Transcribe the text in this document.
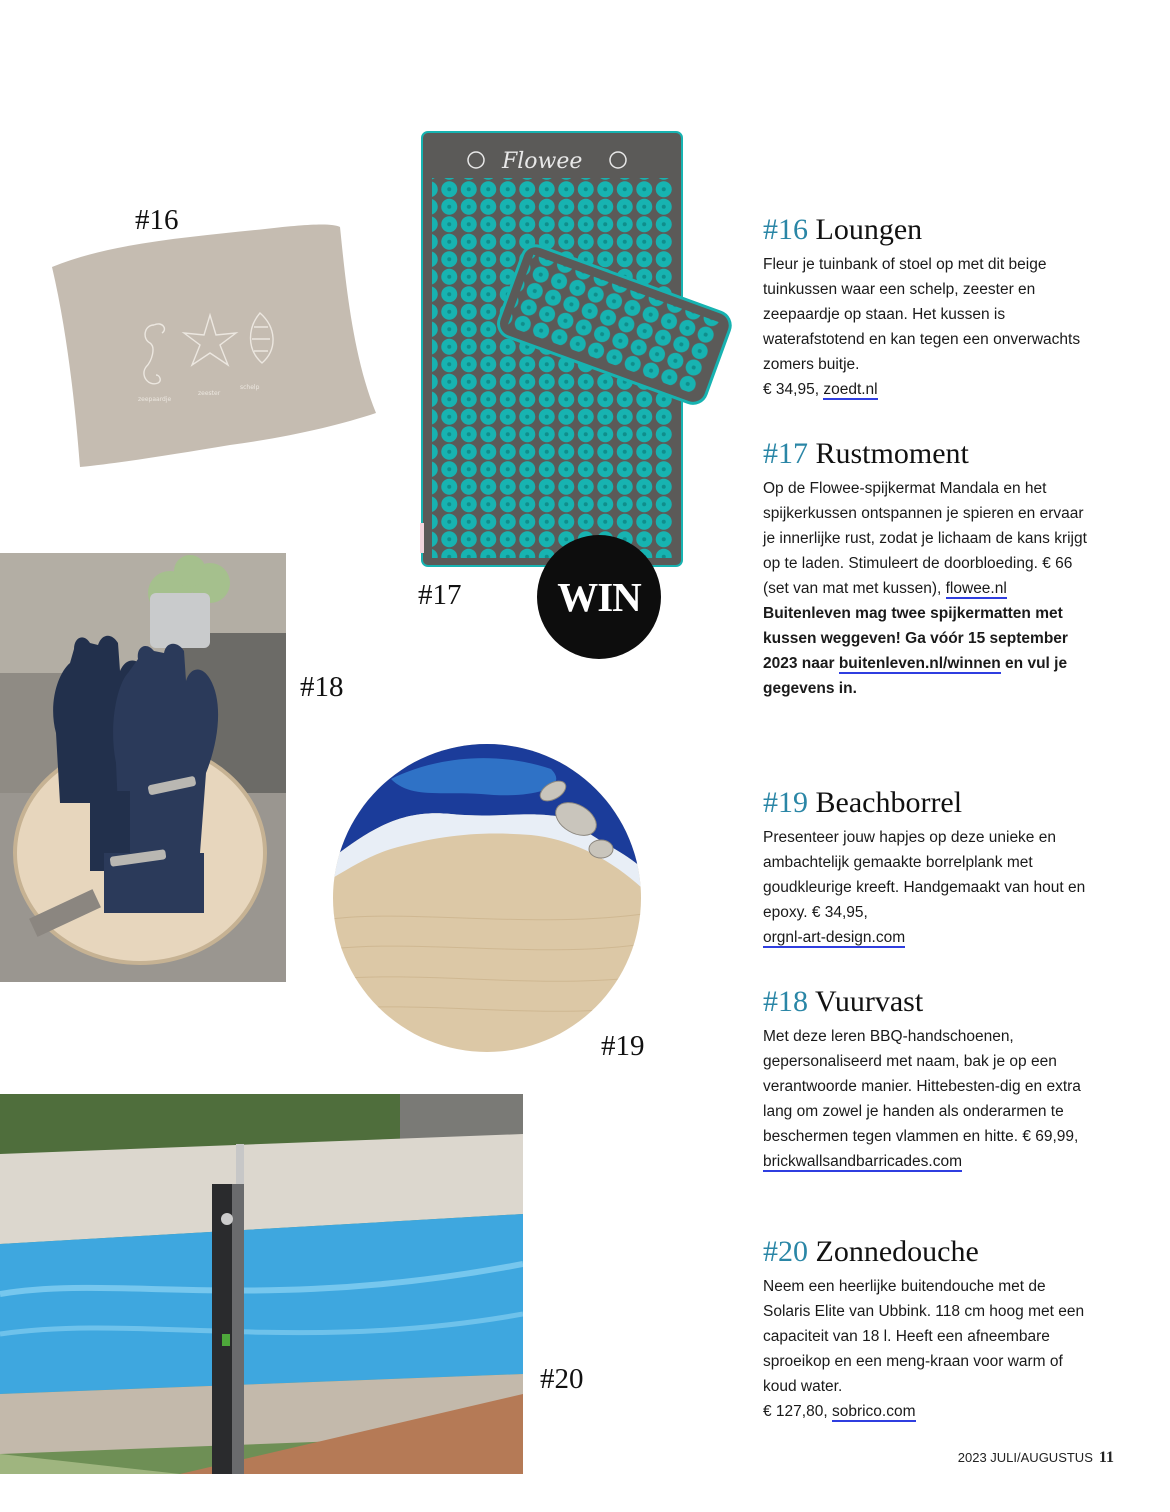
#16
zeepaardje
zeester
schelp
Flowee
#17	WIN
#18
#19
#20
#16 Loungen

Fleur je tuinbank of stoel op met dit beige tuinkussen waar een schelp, zeester en zeepaardje op staan. Het kussen is waterafstotend en kan tegen een onverwachts zomers buitje.
€ 34,95, zoedt.nl

#17 Rustmoment

Op de Flowee-spijkermat Mandala en het spijkerkussen ontspannen je spieren en ervaar je innerlijke rust, zodat je lichaam de kans krijgt op te laden. Stimuleert de doorbloeding. € 66 (set van mat met kussen), flowee.nl
Buitenleven mag twee spijkermatten met kussen weggeven! Ga vóór 15 september 2023 naar buitenleven.nl/winnen en vul je gegevens in.

#19 Beachborrel

Presenteer jouw hapjes op deze unieke en ambachtelijk gemaakte borrelplank met goudkleurige kreeft. Handgemaakt van hout en epoxy. € 34,95,
orgnl-art-design.com

#18 Vuurvast

Met deze leren BBQ-handschoenen, gepersonaliseerd met naam, bak je op een verantwoorde manier. Hittebesten-dig en extra lang om zowel je handen als onderarmen te beschermen tegen vlammen en hitte. € 69,99,
brickwallsandbarricades.com

#20 Zonnedouche

Neem een heerlijke buitendouche met de Solaris Elite van Ubbink. 118 cm hoog met een capaciteit van 18 l. Heeft een afneembare sproeikop en een meng-kraan voor warm of koud water.
€ 127,80, sobrico.com

2023 JULI/AUGUSTUS 11
